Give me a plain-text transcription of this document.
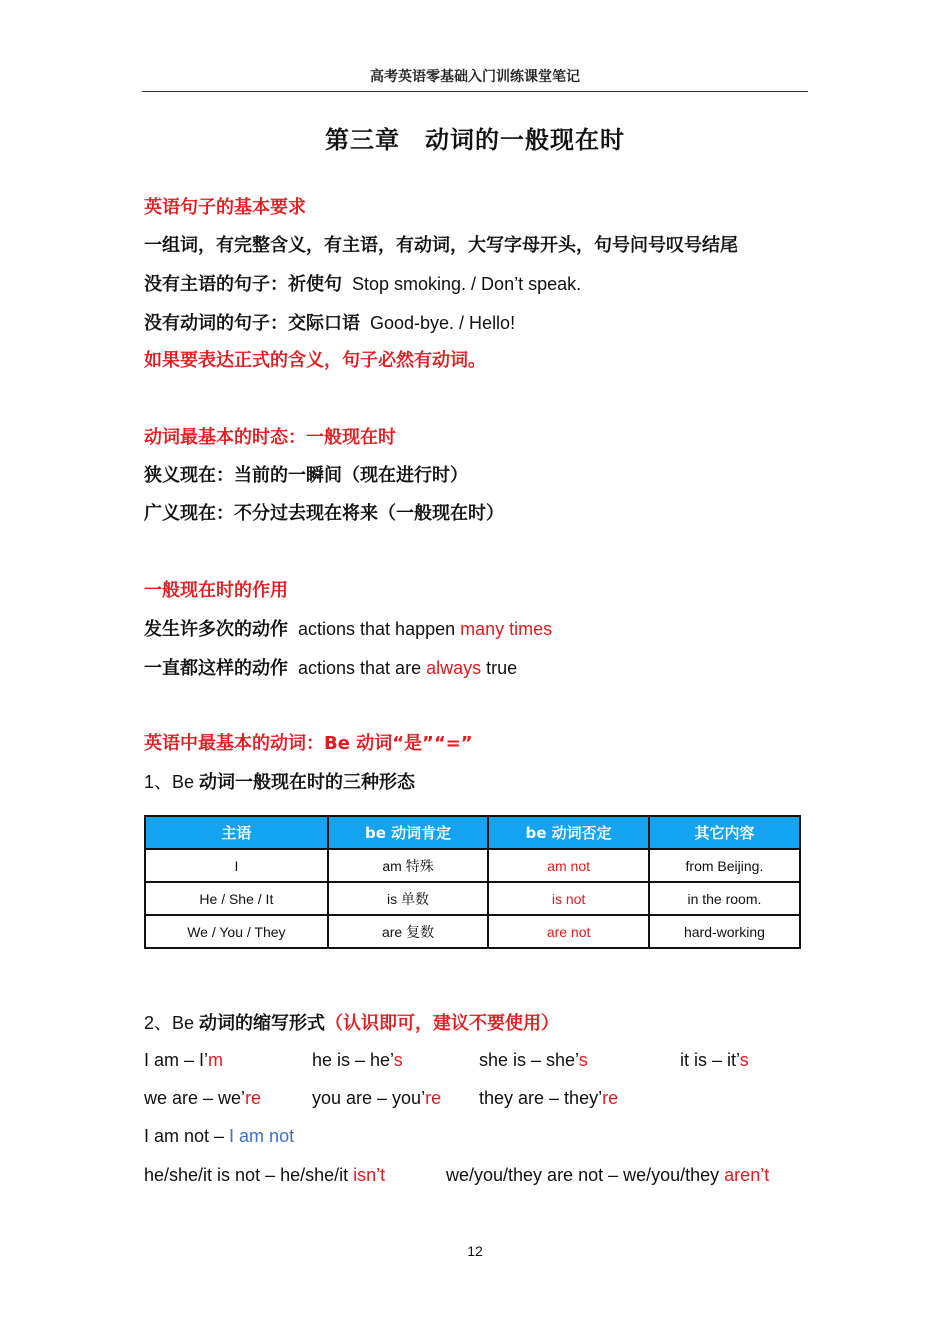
高考英语零基础入门训练课堂笔记
第三章　动词的一般现在时
英语句子的基本要求
一组词，有完整含义，有主语，有动词，大写字母开头，句号问号叹号结尾
没有主语的句子：祈使句 Stop smoking. / Don’t speak.
没有动词的句子：交际口语 Good-bye. / Hello!
如果要表达正式的含义，句子必然有动词。
动词最基本的时态：一般现在时
狭义现在：当前的一瞬间（现在进行时）
广义现在：不分过去现在将来（一般现在时）
一般现在时的作用
发生许多次的动作 actions that happen many times
一直都这样的动作 actions that are always true
英语中最基本的动词：Be 动词“是”“=”
1、Be 动词一般现在时的三种形态
主语	be 动词肯定	be 动词否定	其它内容
I	am 特殊	am not	from Beijing.
He / She / It	is 单数	is not	in the room.
We / You / They	are 复数	are not	hard-working
2、Be 动词的缩写形式（认识即可，建议不要使用）
I am – I’m	he is – he’s	she is – she’s	it is – it’s
we are – we’re	you are – you’re they are – they’re
I am not – I am not
he/she/it is not – he/she/it isn’t	we/you/they are not – we/you/they aren’t
12
